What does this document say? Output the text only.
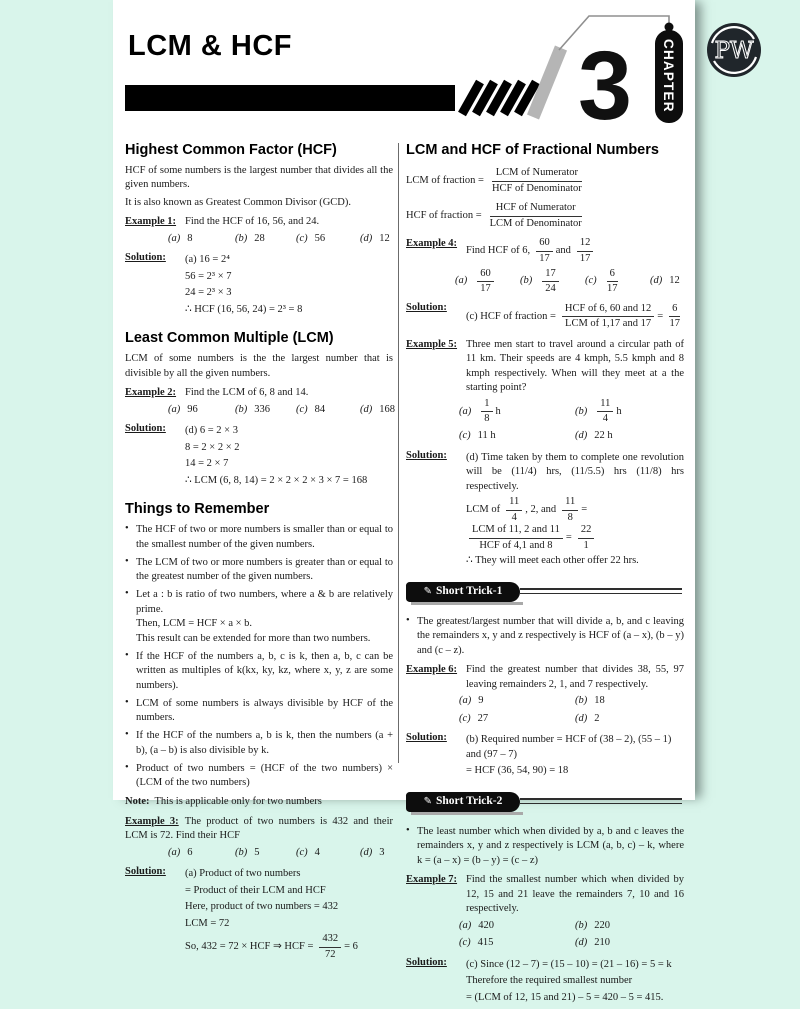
LCM & HCF	3 CHAPTER
Highest Common Factor (HCF)

HCF of some numbers is the largest number that divides all the given numbers.

It is also known as Greatest Common Divisor (GCD).

Example 1: Find the HCF of 16, 56, and 24.
(a) 8	(b) 28	(c) 56	(d) 12
Solution:	(a) 16 = 2⁴
56 = 2³ × 7
24 = 2³ × 3
∴ HCF (16, 56, 24) = 2³ = 8
Least Common Multiple (LCM)

LCM of some numbers is the the largest number that is divisible by all the given numbers.

Example 2: Find the LCM of 6, 8 and 14.
(a) 96	(b) 336	(c) 84	(d) 168
Solution:	(d) 6 = 2 × 3
8 = 2 × 2 × 2
14 = 2 × 7
∴ LCM (6, 8, 14) = 2 × 2 × 2 × 3 × 7 = 168
Things to Remember
• The HCF of two or more numbers is smaller than or equal to the smallest number of the given numbers.
• The LCM of two or more numbers is greater than or equal to the greatest number of the given numbers.
• Let a : b is ratio of two numbers, where a & b are relatively prime.
Then, LCM = HCF × a × b.
This result can be extended for more than two numbers.
• If the HCF of the numbers a, b, c is k, then a, b, c can be written as multiples of k(kx, ky, kz, where x, y, z are some numbers).
• LCM of some numbers is always divisible by HCF of the numbers.
• If the HCF of the numbers a, b is k, then the numbers (a + b), (a – b) is also divisible by k.
• Product of two numbers = (HCF of the two numbers) × (LCM of the two numbers)
Note: This is applicable only for two numbers
Example 3: The product of two numbers is 432 and their LCM is 72. Find their HCF
(a) 6	(b) 5	(c) 4	(d) 3
Solution:	(a) Product of two numbers
= Product of their LCM and HCF
Here, product of two numbers = 432
LCM = 72
So, 432 = 72 × HCF ⇒ HCF = $\frac{432}{72} = 6$
LCM and HCF of Fractional Numbers
LCM of fraction = $\frac{\text{LCM of Numerator}}{\text{HCF of Denominator}}$
HCF of fraction = $\frac{\text{HCF of Numerator}}{\text{LCM of Denominator}}$
Example 4:
Find HCF of 6, $\frac{60}{17}$ and $\frac{12}{17}$
$(a) \frac{60}{17}$	$(b) \frac{17}{24}$	$(c) \frac{6}{17}$	(d) 12
Solution:
(c) HCF of fraction = $\frac{\text{HCF of 6, 60 and 12}}{\text{LCM of 1,17 and 17}} = \frac{6}{17}$
Example 5: Three men start to travel around a circular path of 11 km. Their speeds are 4 kmph, 5.5 kmph and 8 kmph respectively. When will they meet at a the starting point?
$(a) \frac{1}{8}$ h	$(b) \frac{11}{4}$ h
(c) 11 h	(d) 22 h
Solution:	(d) Time taken by them to complete one revolution will be (11/4) hrs, (11/5.5) hrs (11/8) hrs respectively.
LCM of $\frac{11}{4}$ , 2, and $\frac{11}{8}$ =
$\frac{\text{LCM of 11, 2 and 11}}{\text{HCF of 4,1 and 8}} = \frac{22}{1}$
∴ They will meet each other offer 22 hrs.
✎ Short Trick-1
• The greatest/largest number that will divide a, b, and c leaving the remainders x, y and z respectively is HCF of (a – x), (b – y) and (c – z).
Example 6: Find the greatest number that divides 38, 55, 97 leaving remainders 2, 1, and 7 respectively.
(a) 9	(b) 18
(c) 27	(d) 2
Solution:	(b) Required number = HCF of (38 – 2), (55 – 1) and (97 – 7)
= HCF (36, 54, 90) = 18
✎ Short Trick-2
• The least number which when divided by a, b and c leaves the remainders x, y and z respectively is LCM (a, b, c) – k, where k = (a – x) = (b – y) = (c – z)
Example 7: Find the smallest number which when divided by 12, 15 and 21 leave the remainders 7, 10 and 16 respectively.
(a) 420	(b) 220
(c) 415	(d) 210
Solution:	(c) Since (12 – 7) = (15 – 10) = (21 – 16) = 5 = k
Therefore the required smallest number
= (LCM of 12, 15 and 21) – 5 = 420 – 5 = 415.
PW
